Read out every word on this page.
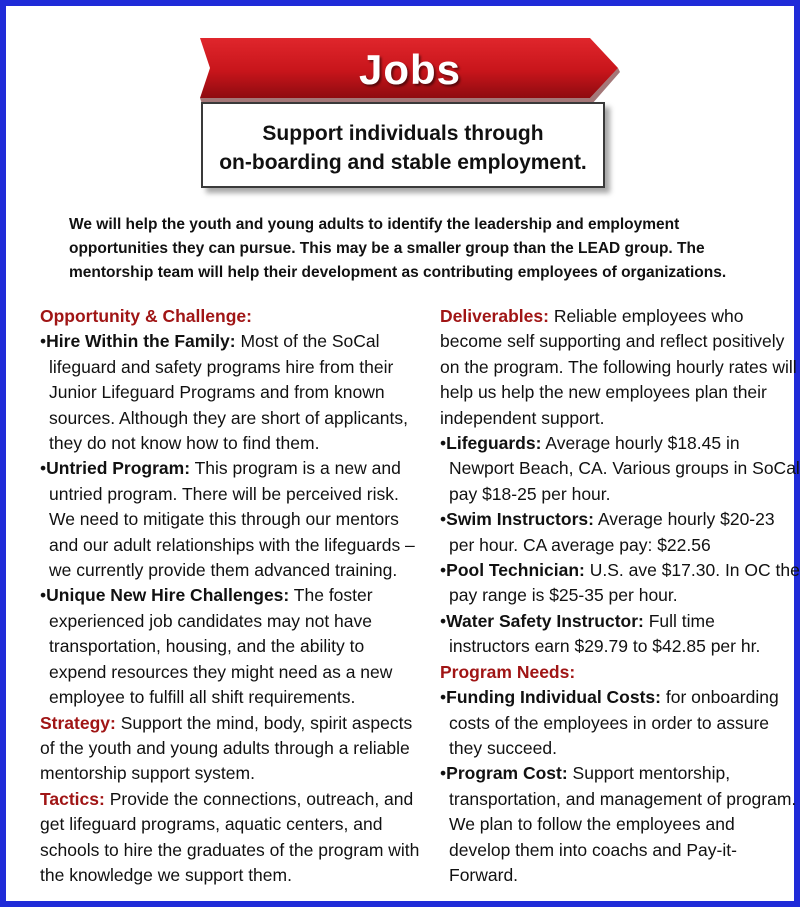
Jobs
Support individuals through
on-boarding and stable employment.
We will help the youth and young adults to identify the leadership and employment
opportunities they can pursue. This may be a smaller group than the LEAD group. The
mentorship team will help their development as contributing employees of organizations.

Opportunity & Challenge:

•Hire Within the Family: Most of the SoCal lifeguard and safety programs hire from their Junior Lifeguard Programs and from known sources. Although they are short of applicants, they do not know how to find them.

•Untried Program: This program is a new and untried program. There will be perceived risk. We need to mitigate this through our mentors and our adult relationships with the lifeguards – we currently provide them advanced training.

•Unique New Hire Challenges: The foster experienced job candidates may not have transportation, housing, and the ability to expend resources they might need as a new employee to fulfill all shift requirements.

Strategy: Support the mind, body, spirit aspects of the youth and young adults through a reliable mentorship support system.

Tactics: Provide the connections, outreach, and get lifeguard programs, aquatic centers, and schools to hire the graduates of the program with the knowledge we support them.

Deliverables: Reliable employees who become self supporting and reflect positively on the program. The following hourly rates will help us help the new employees plan their independent support.

•Lifeguards: Average hourly $18.45 in Newport Beach, CA. Various groups in SoCal pay $18-25 per hour.

•Swim Instructors: Average hourly $20-23 per hour. CA average pay: $22.56

•Pool Technician: U.S. ave $17.30. In OC the pay range is $25-35 per hour.

•Water Safety Instructor: Full time instructors earn $29.79 to $42.85 per hr.

Program Needs:

•Funding Individual Costs: for onboarding costs of the employees in order to assure they succeed.

•Program Cost: Support mentorship, transportation, and management of program. We plan to follow the employees and develop them into coachs and Pay-it-Forward.
